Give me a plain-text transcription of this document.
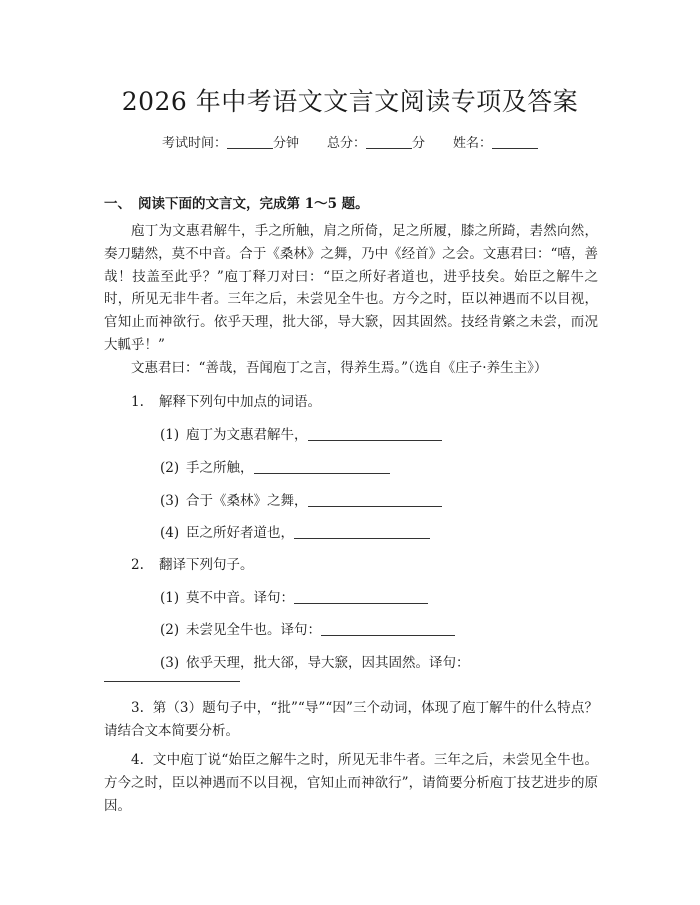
2026 年中考语文文言文阅读专项及答案
考试时间：	分钟 总分：	分 姓名：
一、 阅读下面的文言文，完成第 1～5 题。
庖丁为文惠君解牛，手之所触，肩之所倚，足之所履，膝之所踦，砉然向然，奏刀騞然，莫不中音。合于《桑林》之舞，乃中《经首》之会。文惠君曰：“嘻，善哉！技盖至此乎？”庖丁释刀对曰：“臣之所好者道也，进乎技矣。始臣之解牛之时，所见无非牛者。三年之后，未尝见全牛也。方今之时，臣以神遇而不以目视，官知止而神欲行。依乎天理，批大郤，导大窾，因其固然。技经肯綮之未尝，而况大軱乎！”
文惠君曰：“善哉，吾闻庖丁之言，得养生焉。”（选自《庄子·养生主》）
1. 解释下列句中加点的词语。
(1) 庖丁为文惠君解牛，
(2) 手之所触，
(3) 合于《桑林》之舞，
(4) 臣之所好者道也，
2. 翻译下列句子。
(1) 莫不中音。译句：
(2) 未尝见全牛也。译句：
(3) 依乎天理，批大郤，导大窾，因其固然。译句：
3. 第（3）题句子中，“批”“导”“因”三个动词，体现了庖丁解牛的什么特点？请结合文本简要分析。
4. 文中庖丁说“始臣之解牛之时，所见无非牛者。三年之后，未尝见全牛也。方今之时，臣以神遇而不以目视，官知止而神欲行”，请简要分析庖丁技艺进步的原因。
